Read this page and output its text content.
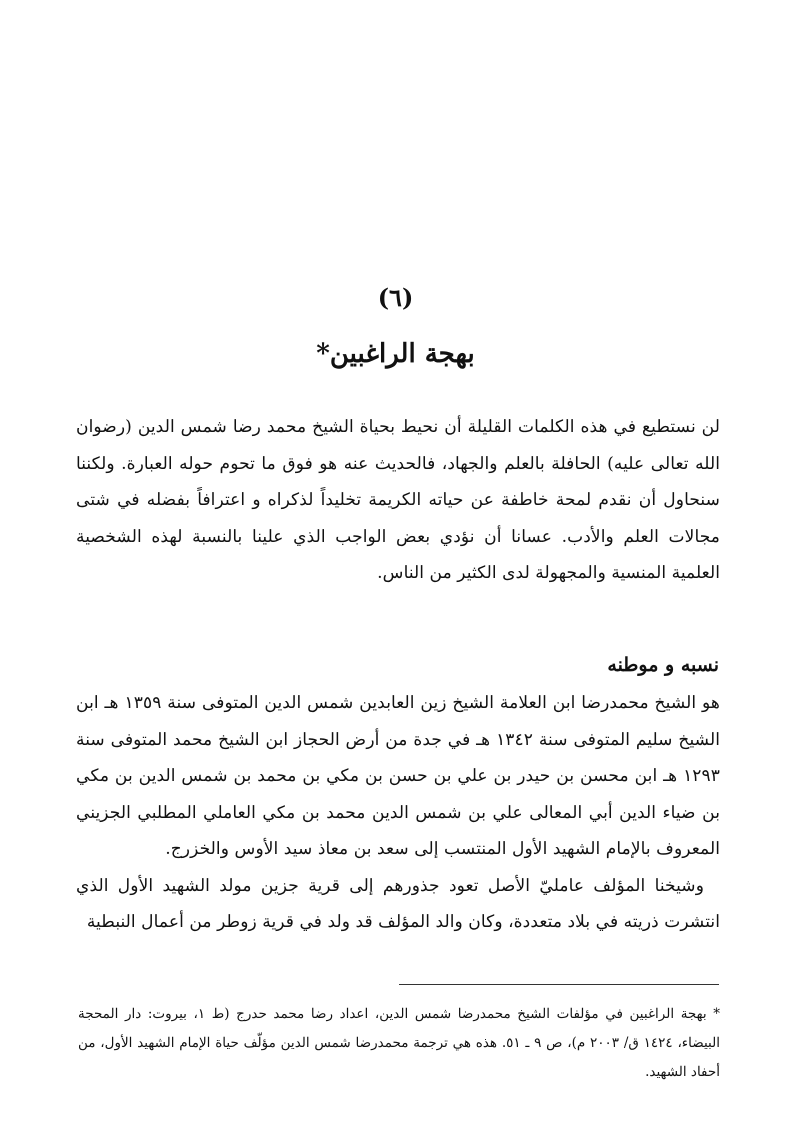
(٦)
بهجة الراغبين*

لن نستطيع في هذه الكلمات القليلة أن نحيط بحياة الشيخ محمد رضا شمس الدين (رضوان الله تعالى عليه) الحافلة بالعلم والجهاد، فالحديث عنه هو فوق ما تحوم حوله العبارة. ولكننا سنحاول أن نقدم لمحة خاطفة عن حياته الكريمة تخليداً لذكراه و اعترافاً بفضله في شتى مجالات العلم والأدب. عسانا أن نؤدي بعض الواجب الذي علينا بالنسبة لهذه الشخصية العلمية المنسية والمجهولة لدى الكثير من الناس.

نسبه و موطنه

هو الشيخ محمدرضا ابن العلامة الشيخ زين العابدين شمس الدين المتوفى سنة ١٣٥٩ هـ ابن الشيخ سليم المتوفى سنة ١٣٤٢ هـ في جدة من أرض الحجاز ابن الشيخ محمد المتوفى سنة ١٢٩٣ هـ ابن محسن بن حيدر بن علي بن حسن بن مكي بن محمد بن شمس الدين بن مكي بن ضياء الدين أبي المعالى علي بن شمس الدين محمد بن مكي العاملي المطلبي الجزيني المعروف بالإمام الشهيد الأول المنتسب إلى سعد بن معاذ سيد الأوس والخزرج.

وشيخنا المؤلف عامليّ الأصل تعود جذورهم إلى قرية جزين مولد الشهيد الأول الذي انتشرت ذريته في بلاد متعددة، وكان والد المؤلف قد ولد في قرية زوطر من أعمال النبطية

* بهجة الراغبين في مؤلفات الشيخ محمدرضا شمس الدين، اعداد رضا محمد حدرج (ط ١، بيروت: دار المحجة البيضاء، ١٤٢٤ ق/ ٢٠٠٣ م)، ص ٩ ـ ٥١. هذه هي ترجمة محمدرضا شمس الدين مؤلّف حياة الإمام الشهيد الأول، من أحفاد الشهيد.
